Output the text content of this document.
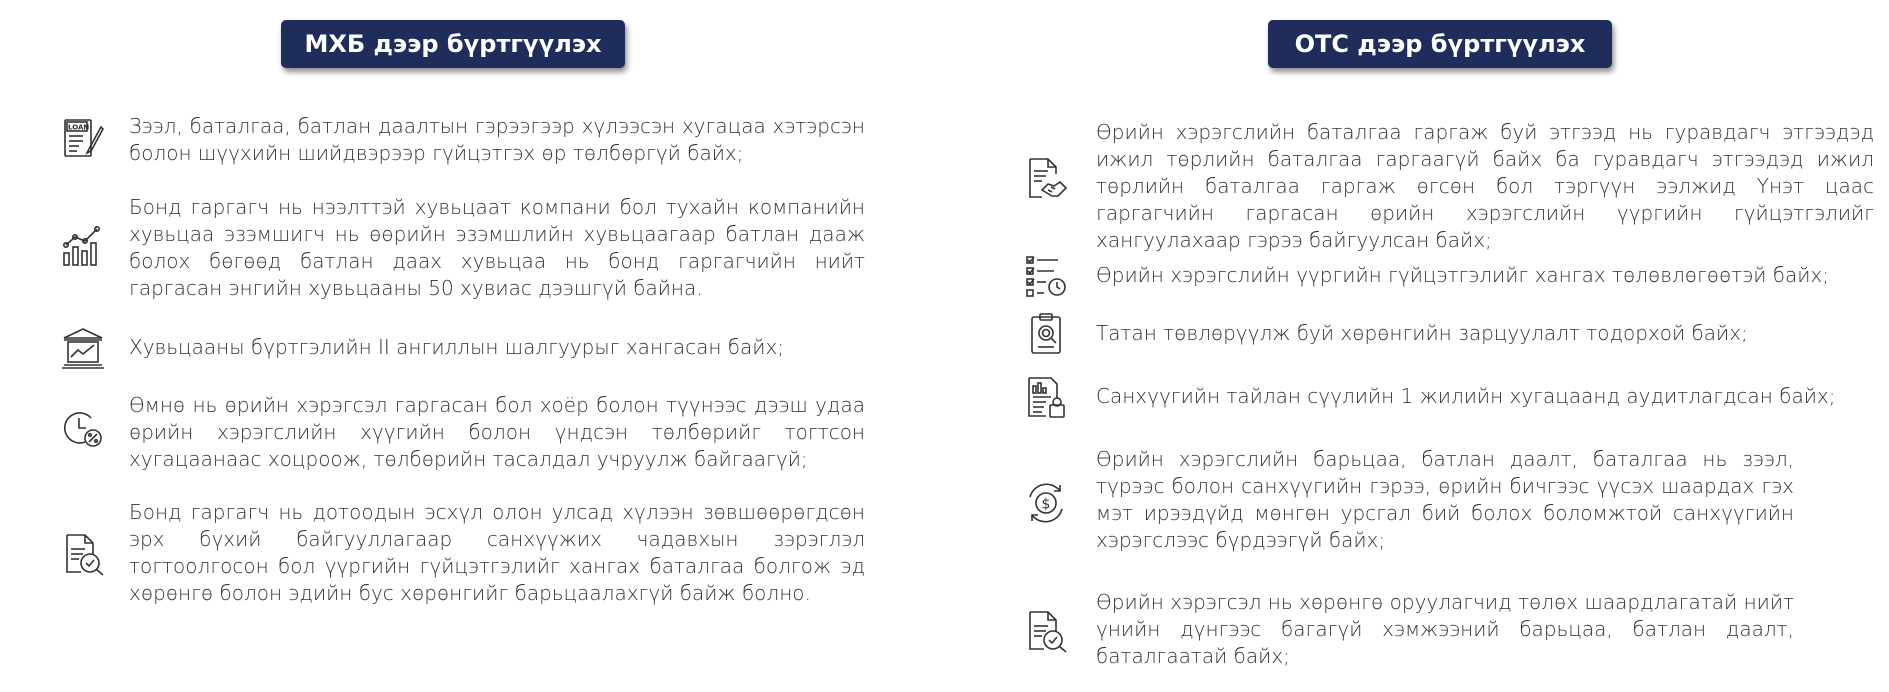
МХБ дээр бүртгүүлэх	OTC дээр бүртгүүлэх
LOAN Зээл, баталгаа, батлан даалтын гэрээгээр хүлээсэн хугацаа хэтэрсэн болон шүүхийн шийдвэрээр гүйцэтгэх өр төлбөргүй байх;
Бонд гаргагч нь нээлттэй хувьцаат компани бол тухайн компанийн хувьцаа эзэмшигч нь өөрийн эзэмшлийн хувьцаагаар батлан дааж болох бөгөөд батлан даах хувьцаа нь бонд гаргагчийн нийт гаргасан энгийн хувьцааны 50 хувиас дээшгүй байна.
Хувьцааны бүртгэлийн II ангиллын шалгуурыг хангасан байх;
Өмнө нь өрийн хэрэгсэл гаргасан бол хоёр болон түүнээс дээш удаа өрийн хэрэгслийн хүүгийн болон үндсэн төлбөрийг тогтсон хугацаанаас хоцроож, төлбөрийн тасалдал учруулж байгаагүй;
Бонд гаргагч нь дотоодын эсхүл олон улсад хүлээн зөвшөөрөгдсөн эрх бүхий байгууллагаар санхүүжих чадавхын зэрэглэл тогтоолгосон бол үүргийн гүйцэтгэлийг хангах баталгаа болгож эд хөрөнгө болон эдийн бус хөрөнгийг барьцаалахгүй байж болно.
Өрийн хэрэгслийн баталгаа гаргаж буй этгээд нь гуравдагч этгээдэд ижил төрлийн баталгаа гаргаагүй байх ба гуравдагч этгээдэд ижил төрлийн баталгаа гаргаж өгсөн бол тэргүүн ээлжид Үнэт цаас гаргагчийн гаргасан өрийн хэрэгслийн үүргийн гүйцэтгэлийг хангуулахаар гэрээ байгуулсан байх;
Өрийн хэрэгслийн үүргийн гүйцэтгэлийг хангах төлөвлөгөөтэй байх;
Татан төвлөрүүлж буй хөрөнгийн зарцуулалт тодорхой байх;
Санхүүгийн тайлан сүүлийн 1 жилийн хугацаанд аудитлагдсан байх;
$
Өрийн хэрэгслийн барьцаа, батлан даалт, баталгаа нь зээл, түрээс болон санхүүгийн гэрээ, өрийн бичгээс үүсэх шаардах гэх мэт ирээдүйд мөнгөн урсгал бий болох боломжтой санхүүгийн хэрэгслээс бүрдээгүй байх;
Өрийн хэрэгсэл нь хөрөнгө оруулагчид төлөх шаардлагатай нийт үнийн дүнгээс багагүй хэмжээний барьцаа, батлан даалт, баталгаатай байх;
